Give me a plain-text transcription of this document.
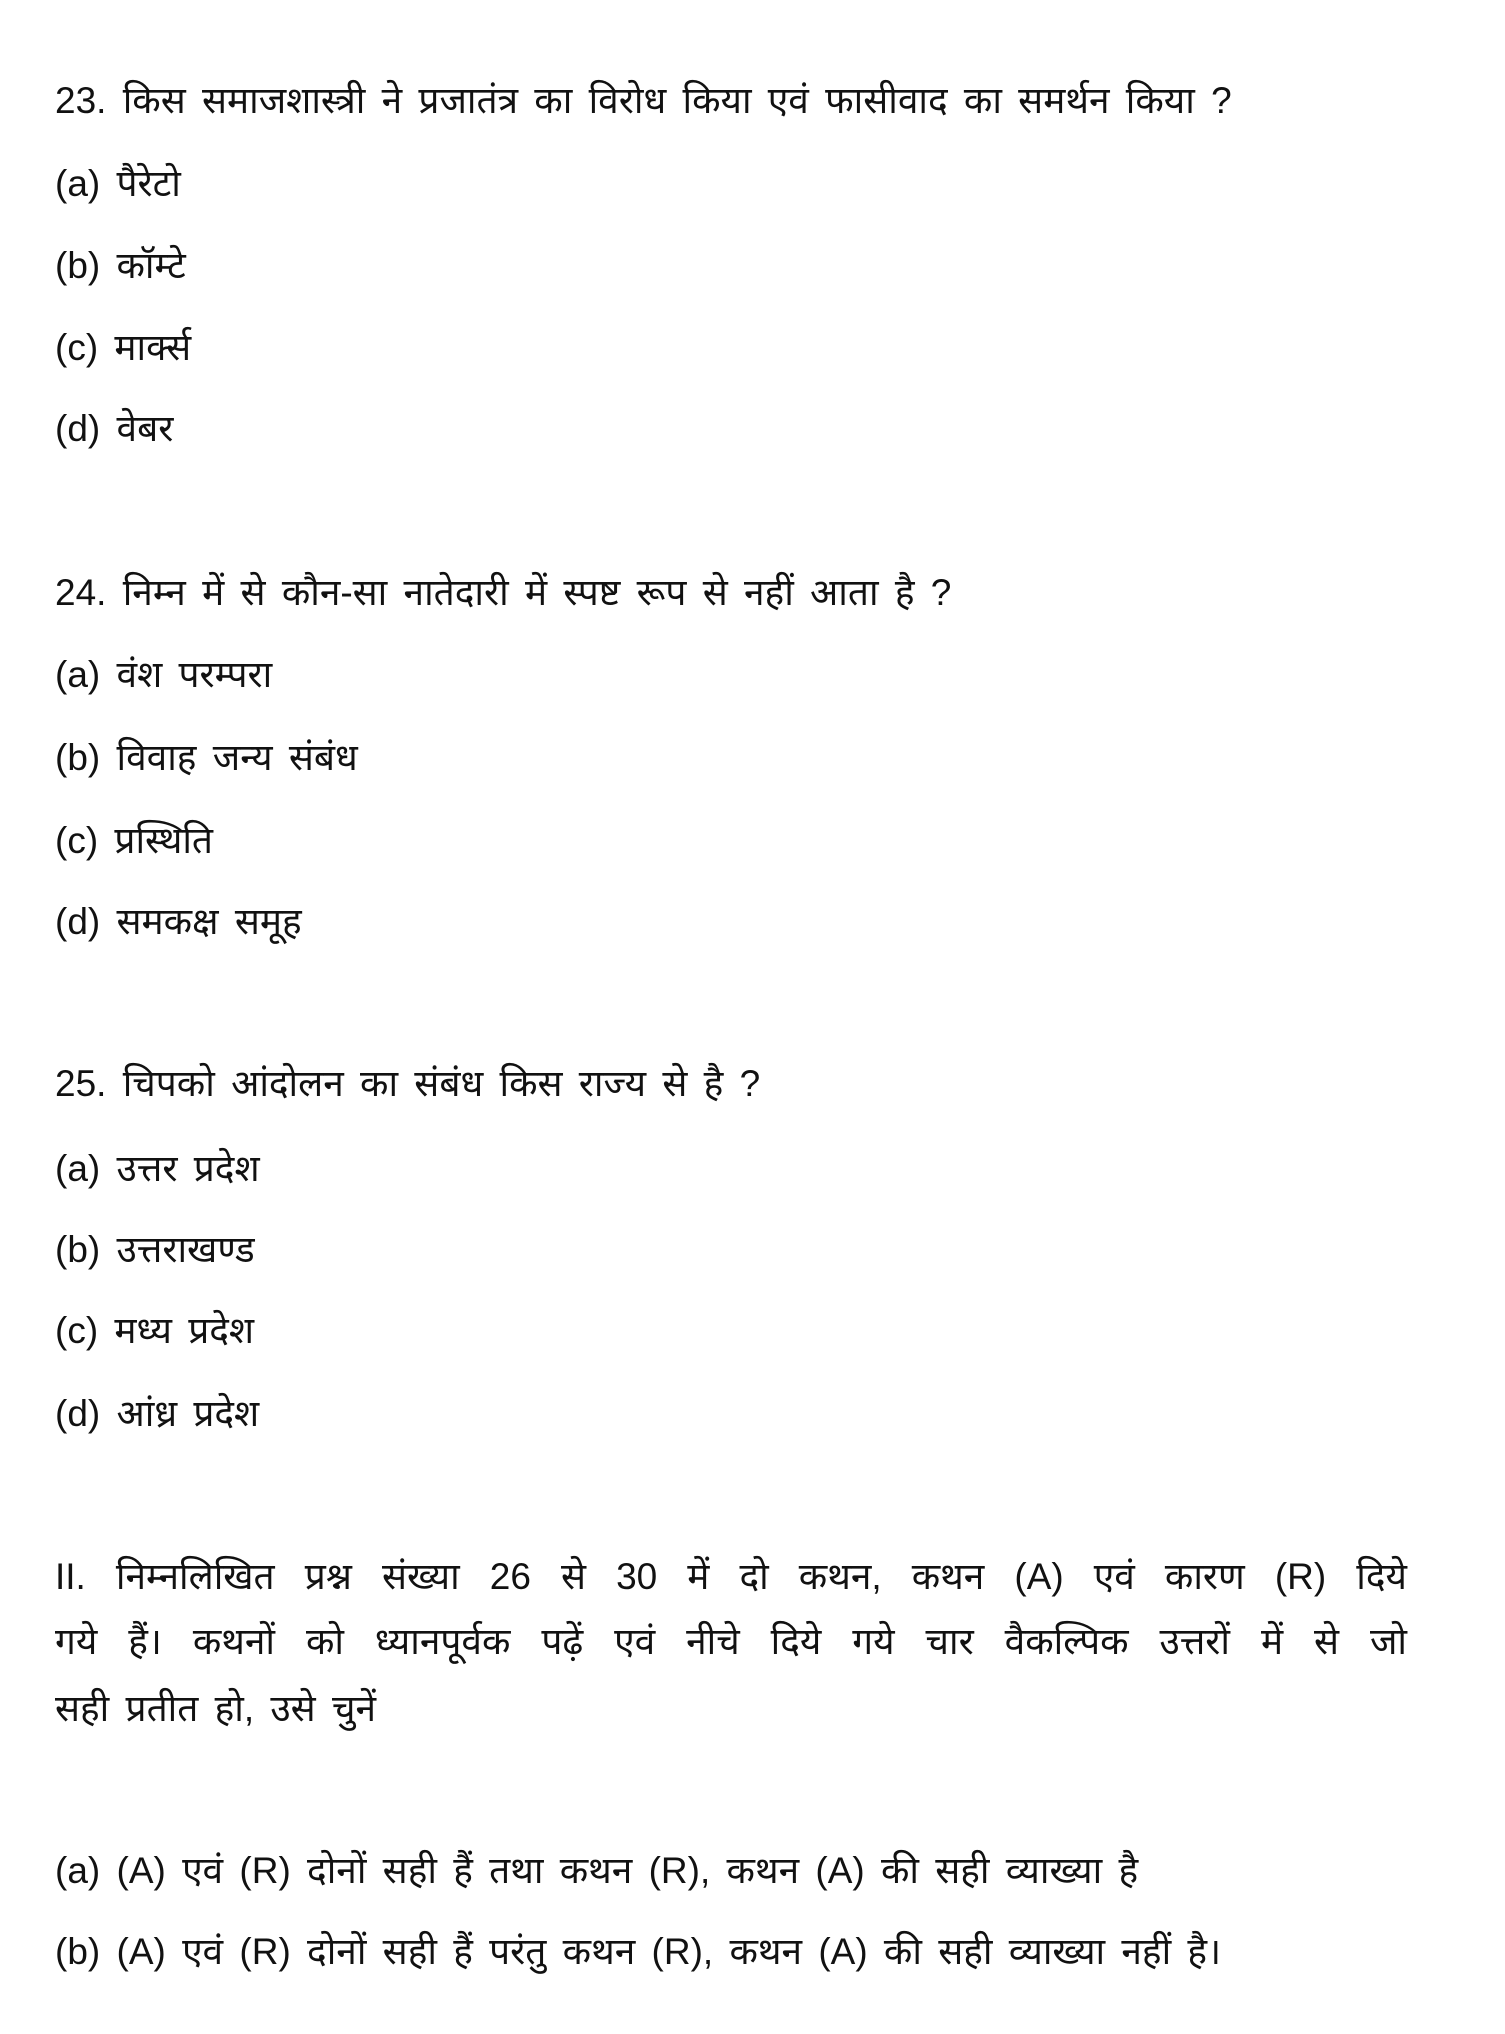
23. किस समाजशास्त्री ने प्रजातंत्र का विरोध किया एवं फासीवाद का समर्थन किया ?
(a) पैरेटो
(b) कॉम्टे
(c) मार्क्स
(d) वेबर
24. निम्न में से कौन-सा नातेदारी में स्पष्ट रूप से नहीं आता है ?
(a) वंश परम्परा
(b) विवाह जन्य संबंध
(c) प्रस्थिति
(d) समकक्ष समूह
25. चिपको आंदोलन का संबंध किस राज्य से है ?
(a) उत्तर प्रदेश
(b) उत्तराखण्ड
(c) मध्य प्रदेश
(d) आंध्र प्रदेश
II. निम्नलिखित प्रश्न संख्या 26 से 30 में दो कथन, कथन (A) एवं कारण (R) दिये
गये हैं। कथनों को ध्यानपूर्वक पढ़ें एवं नीचे दिये गये चार वैकल्पिक उत्तरों में से जो
सही प्रतीत हो, उसे चुनें
(a) (A) एवं (R) दोनों सही हैं तथा कथन (R), कथन (A) की सही व्याख्या है
(b) (A) एवं (R) दोनों सही हैं परंतु कथन (R), कथन (A) की सही व्याख्या नहीं है।
